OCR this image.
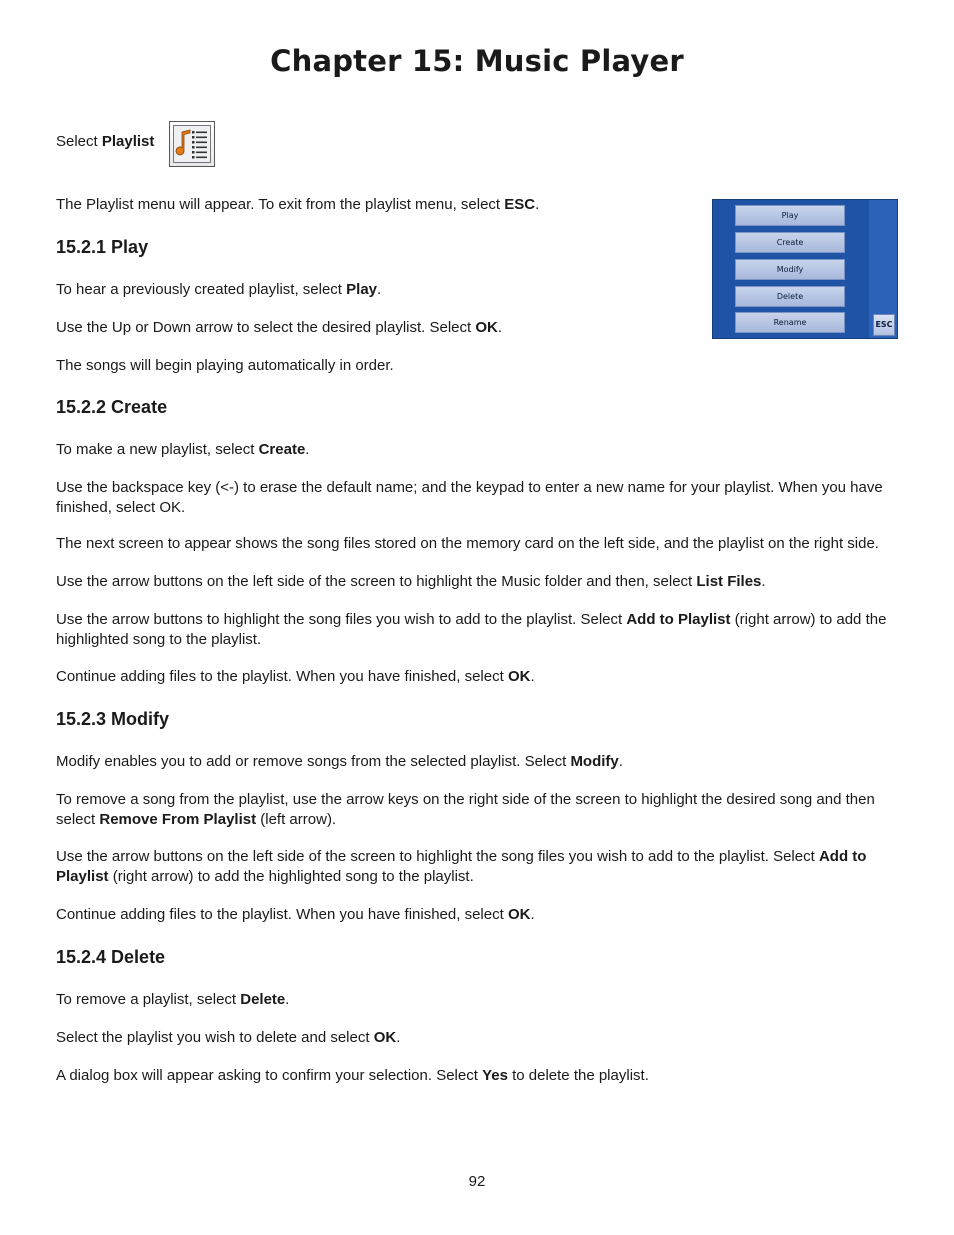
Chapter 15: Music Player
Select Playlist

The Playlist menu will appear. To exit from the playlist menu, select ESC.

Play
Create
Modify
Delete
Rename	ESC
15.2.1 Play

To hear a previously created playlist, select Play.

Use the Up or Down arrow to select the desired playlist. Select OK.

The songs will begin playing automatically in order.

15.2.2 Create

To make a new playlist, select Create.

Use the backspace key (<-) to erase the default name; and the keypad to enter a new name for your playlist. When you have finished, select OK.

The next screen to appear shows the song files stored on the memory card on the left side, and the playlist on the right side.

Use the arrow buttons on the left side of the screen to highlight the Music folder and then, select List Files.

Use the arrow buttons to highlight the song files you wish to add to the playlist. Select Add to Playlist (right arrow) to add the highlighted song to the playlist.

Continue adding files to the playlist. When you have finished, select OK.

15.2.3 Modify

Modify enables you to add or remove songs from the selected playlist. Select Modify.

To remove a song from the playlist, use the arrow keys on the right side of the screen to highlight the desired song and then select Remove From Playlist (left arrow).

Use the arrow buttons on the left side of the screen to highlight the song files you wish to add to the playlist. Select Add to Playlist (right arrow) to add the highlighted song to the playlist.

Continue adding files to the playlist. When you have finished, select OK.

15.2.4 Delete

To remove a playlist, select Delete.

Select the playlist you wish to delete and select OK.

A dialog box will appear asking to confirm your selection. Select Yes to delete the playlist.

92
